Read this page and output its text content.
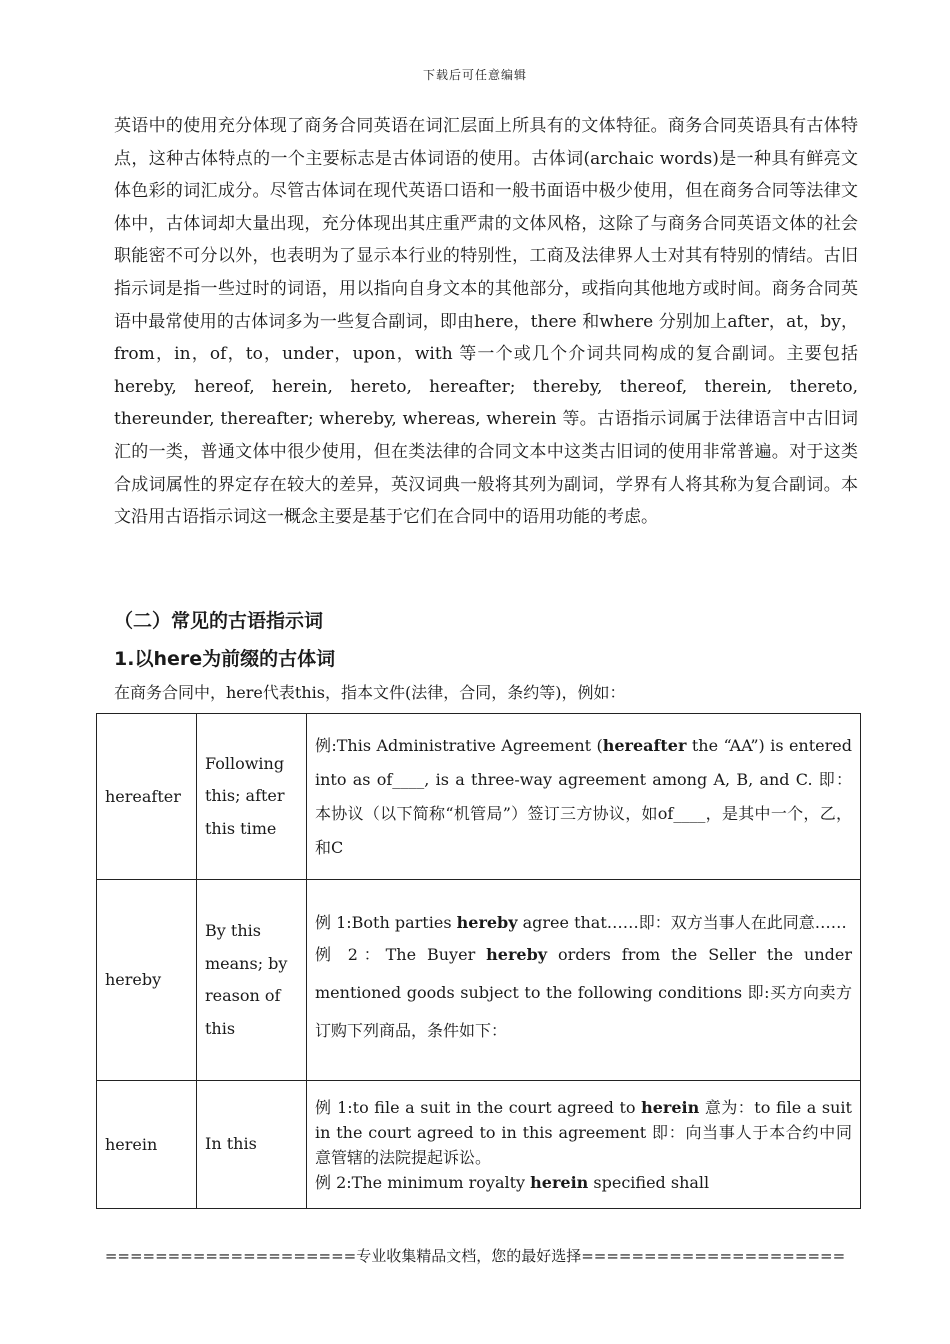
下载后可任意编辑

英语中的使用充分体现了商务合同英语在词汇层面上所具有的文体特征。商务合同英语具有古体特点，这种古体特点的一个主要标志是古体词语的使用。古体词(archaic words)是一种具有鲜亮文体色彩的词汇成分。尽管古体词在现代英语口语和一般书面语中极少使用，但在商务合同等法律文体中，古体词却大量出现，充分体现出其庄重严肃的文体风格，这除了与商务合同英语文体的社会职能密不可分以外，也表明为了显示本行业的特别性，工商及法律界人士对其有特别的情结。古旧指示词是指一些过时的词语，用以指向自身文本的其他部分，或指向其他地方或时间。商务合同英语中最常使用的古体词多为一些复合副词，即由here，there 和where 分别加上after，at，by，from，in，of，to，under，upon，with 等一个或几个介词共同构成的复合副词。主要包括hereby, hereof, herein, hereto, hereafter; thereby, thereof, therein, thereto, thereunder, thereafter; whereby, whereas, wherein 等。古语指示词属于法律语言中古旧词汇的一类，普通文体中很少使用，但在类法律的合同文本中这类古旧词的使用非常普遍。对于这类合成词属性的界定存在较大的差异，英汉词典一般将其列为副词，学界有人将其称为复合副词。本文沿用古语指示词这一概念主要是基于它们在合同中的语用功能的考虑。

（二）常见的古语指示词
1.以here为前缀的古体词

在商务合同中，here代表this，指本文件(法律，合同，条约等)，例如：

hereafter	Following this; after this time	例:This Administrative Agreement (hereafter the “AA”) is entered into as of____, is a three-way agreement among A, B, and C. 即：本协议（以下简称“机管局”）签订三方协议，如of____，是其中一个，乙，和C
hereby	By this means; by reason of this	例 1:Both parties hereby agree that……即：双方当事人在此同意……
例 2：The Buyer hereby orders from the Seller the under mentioned goods subject to the following conditions 即:买方向卖方订购下列商品，条件如下：

herein	In this	例 1:to file a suit in the court agreed to herein 意为：to file a suit in the court agreed to in this agreement 即：向当事人于本合约中同意管辖的法院提起诉讼。
例 2:The minimum royalty herein specified shall
====================专业收集精品文档，您的最好选择=====================
